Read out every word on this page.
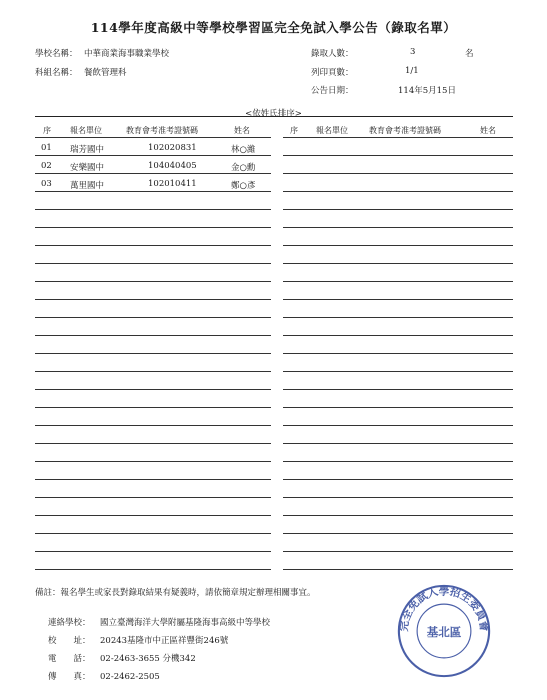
114學年度高級中等學校學習區完全免試入學公告（錄取名單）
學校名稱： 中華商業海事職業學校
科組名稱： 餐飲管理科
錄取人數：	3	名
列印頁數：	1/1
公告日期：	114年5月15日
<依姓氏排序>
序 報名單位	教育會考准考證號碼	姓名	序 報名單位	教育會考准考證號碼	姓名
01 瑞芳國中	102020831	林○濰
02 安樂國中	104040405	金○勳
03 萬里國中	102010411	鄭○彥
備註：報名學生或家長對錄取結果有疑義時，請依簡章規定辦理相關事宜。
連絡學校： 國立臺灣海洋大學附屬基隆海事高級中等學校
校　　址： 20243基隆市中正區祥豐街246號
電　　話： 02-2463-3655 分機342
傳　　真： 02-2462-2505
完全免試入學招生委員會
基北區
